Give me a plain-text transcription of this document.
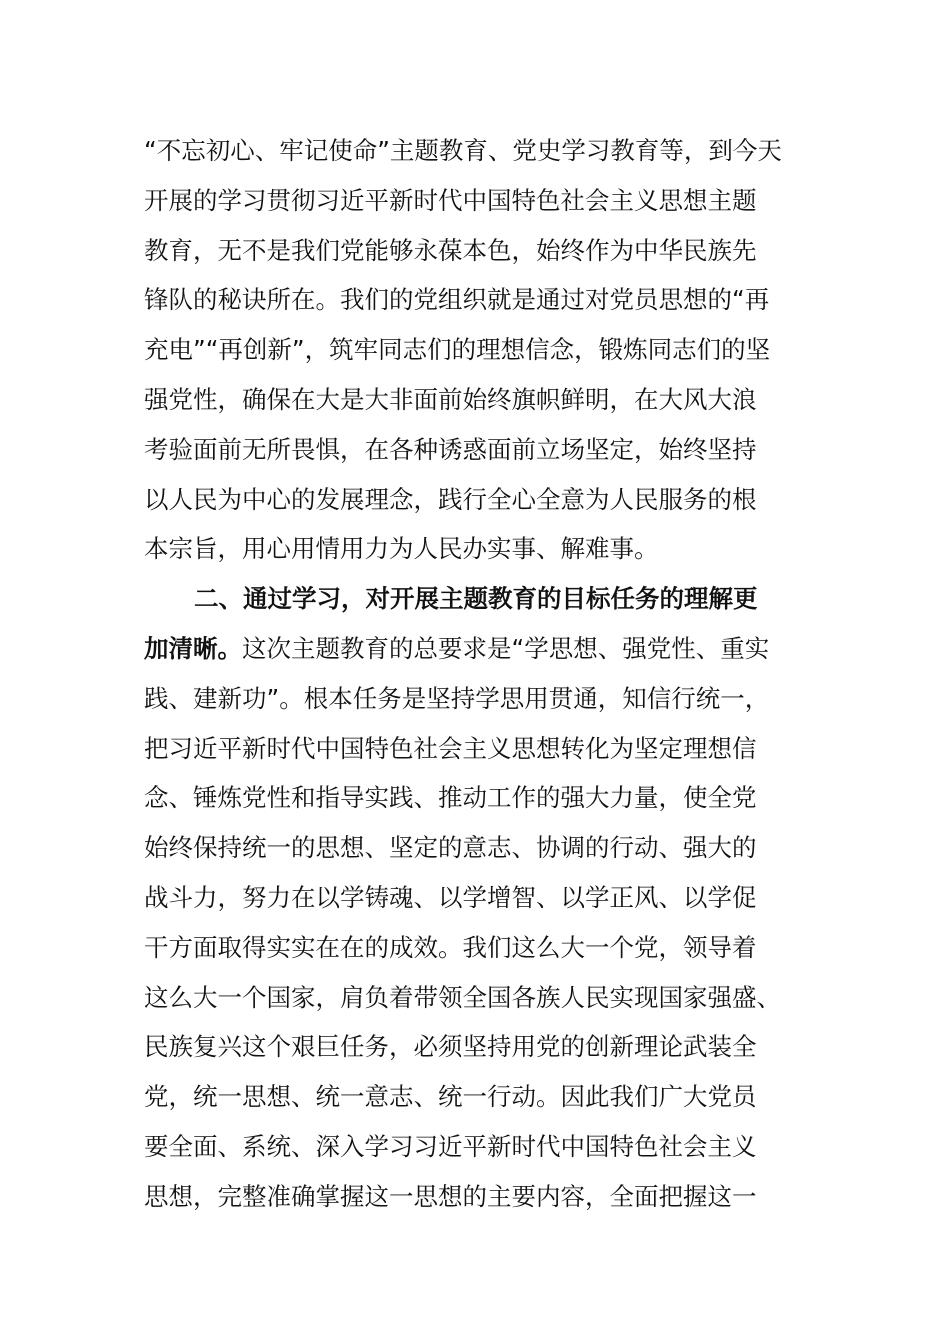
“不忘初心、牢记使命”主题教育、党史学习教育等，到今天
开展的学习贯彻习近平新时代中国特色社会主义思想主题
教育，无不是我们党能够永葆本色，始终作为中华民族先
锋队的秘诀所在。我们的党组织就是通过对党员思想的“再
充电”“再创新”，筑牢同志们的理想信念，锻炼同志们的坚
强党性，确保在大是大非面前始终旗帜鲜明，在大风大浪
考验面前无所畏惧，在各种诱惑面前立场坚定，始终坚持
以人民为中心的发展理念，践行全心全意为人民服务的根
本宗旨，用心用情用力为人民办实事、解难事。
二、通过学习，对开展主题教育的目标任务的理解更
加清晰。这次主题教育的总要求是“学思想、强党性、重实
践、建新功”。根本任务是坚持学思用贯通，知信行统一，
把习近平新时代中国特色社会主义思想转化为坚定理想信
念、锤炼党性和指导实践、推动工作的强大力量，使全党
始终保持统一的思想、坚定的意志、协调的行动、强大的
战斗力，努力在以学铸魂、以学增智、以学正风、以学促
干方面取得实实在在的成效。我们这么大一个党，领导着
这么大一个国家，肩负着带领全国各族人民实现国家强盛、
民族复兴这个艰巨任务，必须坚持用党的创新理论武装全
党，统一思想、统一意志、统一行动。因此我们广大党员
要全面、系统、深入学习习近平新时代中国特色社会主义
思想，完整准确掌握这一思想的主要内容，全面把握这一
